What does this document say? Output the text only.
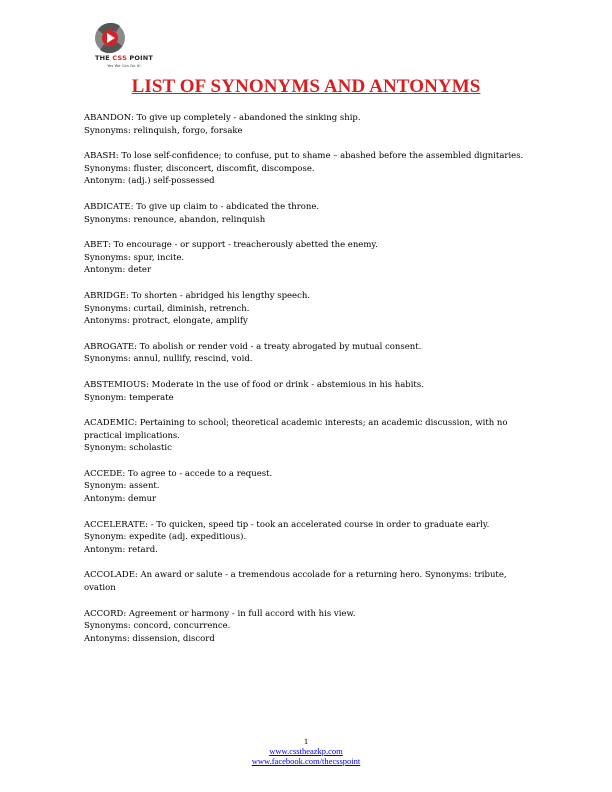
THE CSS POINT
Yes We Can Do It!
LIST OF SYNONYMS AND ANTONYMS
ABANDON: To give up completely - abandoned the sinking ship.
Synonyms: relinquish, forgo, forsake
ABASH: To lose self-confidence; to confuse, put to shame – abashed before the assembled dignitaries.
Synonyms: fluster, disconcert, discomfit, discompose.
Antonym: (adj.) self-possessed
ABDICATE: To give up claim to - abdicated the throne.
Synonyms: renounce, abandon, relinquish
ABET: To encourage - or support - treacherously abetted the enemy.
Synonyms: spur, incite.
Antonym: deter
ABRIDGE: To shorten - abridged his lengthy speech.
Synonyms: curtail, diminish, retrench.
Antonyms: protract, elongate, amplify
ABROGATE: To abolish or render void - a treaty abrogated by mutual consent.
Synonyms: annul, nullify, rescind, void.
ABSTEMIOUS: Moderate in the use of food or drink - abstemious in his habits.
Synonym: temperate
ACADEMIC: Pertaining to school; theoretical academic interests; an academic discussion, with no practical implications.
Synonym: scholastic
ACCEDE: To agree to - accede to a request.
Synonym: assent.
Antonym: demur
ACCELERATE: - To quicken, speed tip - took an accelerated course in order to graduate early.
Synonym: expedite (adj. expeditious).
Antonym: retard.
ACCOLADE: An award or salute - a tremendous accolade for a returning hero. Synonyms: tribute, ovation
ACCORD: Agreement or harmony - in full accord with his view.
Synonyms: concord, concurrence.
Antonyms: dissension, discord
1
www.csstheazkp.com
www.facebook.com/thecsspoint
